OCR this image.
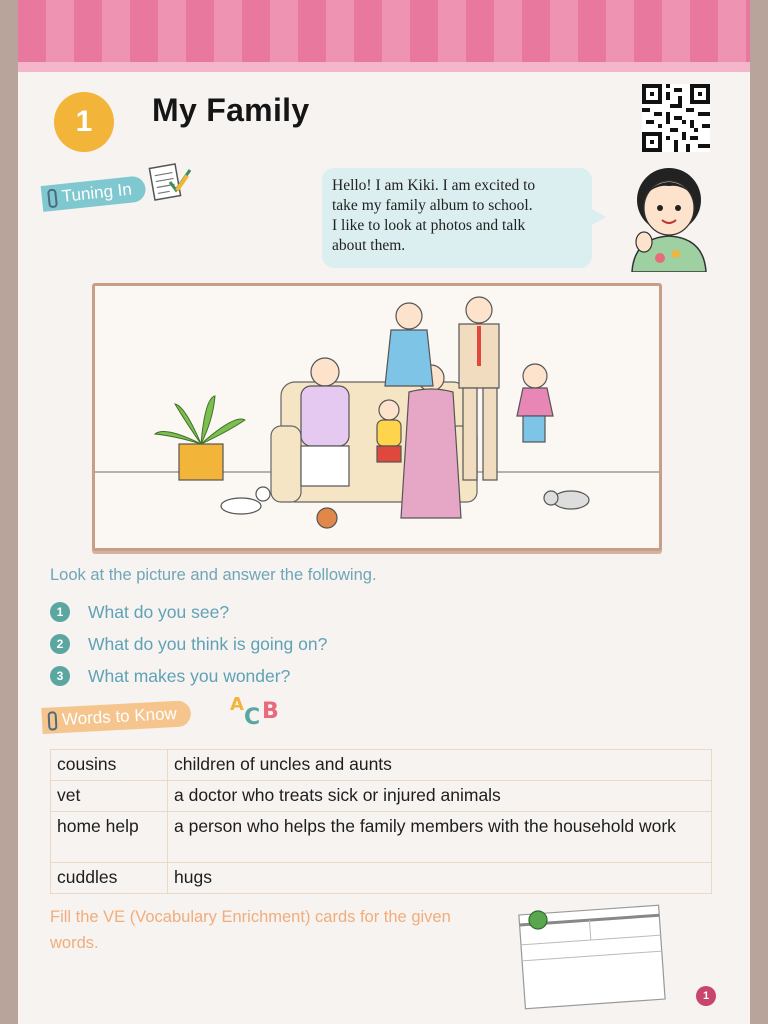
1	My Family
Tuning In	Hello! I am Kiki. I am excited to

take my family album to school.

I like to look at photos and talk

about them.

Look at the picture and answer the following.

1	What do you see?
2	What do you think is going on?
3	What makes you wonder?
Words to Know	A
C B
cousins	children of uncles and aunts
vet	a doctor who treats sick or injured animals
home help	a person who helps the family members with the household work
cuddles	hugs

Fill the VE (Vocabulary Enrichment) cards for the given words.

1
